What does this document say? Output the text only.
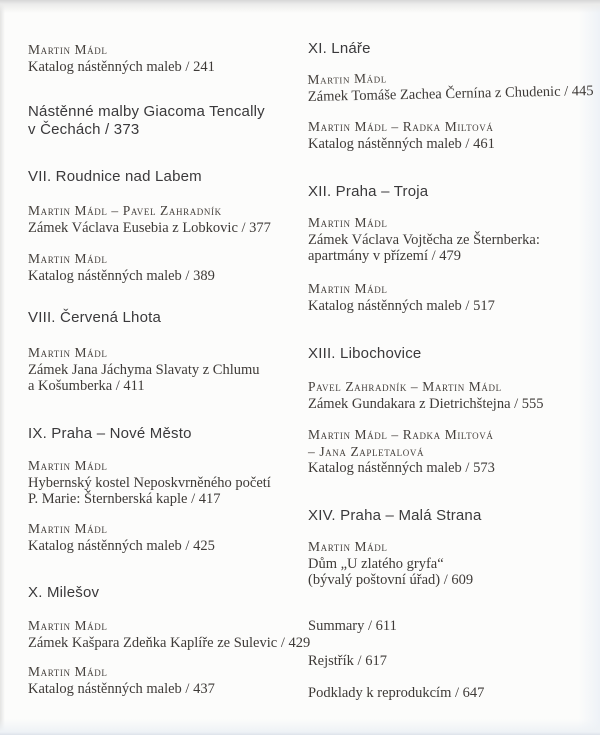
Martin Mádl
Katalog nástěnných maleb / 241
Nástěnné malby Giacoma Tencally
v Čechách / 373
VII. Roudnice nad Labem
Martin Mádl – Pavel Zahradník
Zámek Václava Eusebia z Lobkovic / 377
Martin Mádl
Katalog nástěnných maleb / 389
VIII. Červená Lhota
Martin Mádl
Zámek Jana Jáchyma Slavaty z Chlumu
a Košumberka / 411
IX. Praha – Nové Město
Martin Mádl
Hybernský kostel Neposkvrněného početí
P. Marie: Šternberská kaple / 417
Martin Mádl
Katalog nástěnných maleb / 425
X. Milešov
Martin Mádl
Zámek Kašpara Zdeňka Kaplíře ze Sulevic / 429
Martin Mádl
Katalog nástěnných maleb / 437
XI. Lnáře
Martin Mádl
Zámek Tomáše Zachea Černína z Chudenic / 445
Martin Mádl – Radka Miltová
Katalog nástěnných maleb / 461
XII. Praha – Troja
Martin Mádl
Zámek Václava Vojtěcha ze Šternberka:
apartmány v přízemí / 479
Martin Mádl
Katalog nástěnných maleb / 517
XIII. Libochovice
Pavel Zahradník – Martin Mádl
Zámek Gundakara z Dietrichštejna / 555
Martin Mádl – Radka Miltová
– Jana Zapletalová
Katalog nástěnných maleb / 573
XIV. Praha – Malá Strana
Martin Mádl
Dům „U zlatého gryfa“
(bývalý poštovní úřad) / 609
Summary / 611
Rejstřík / 617
Podklady k reprodukcím / 647
